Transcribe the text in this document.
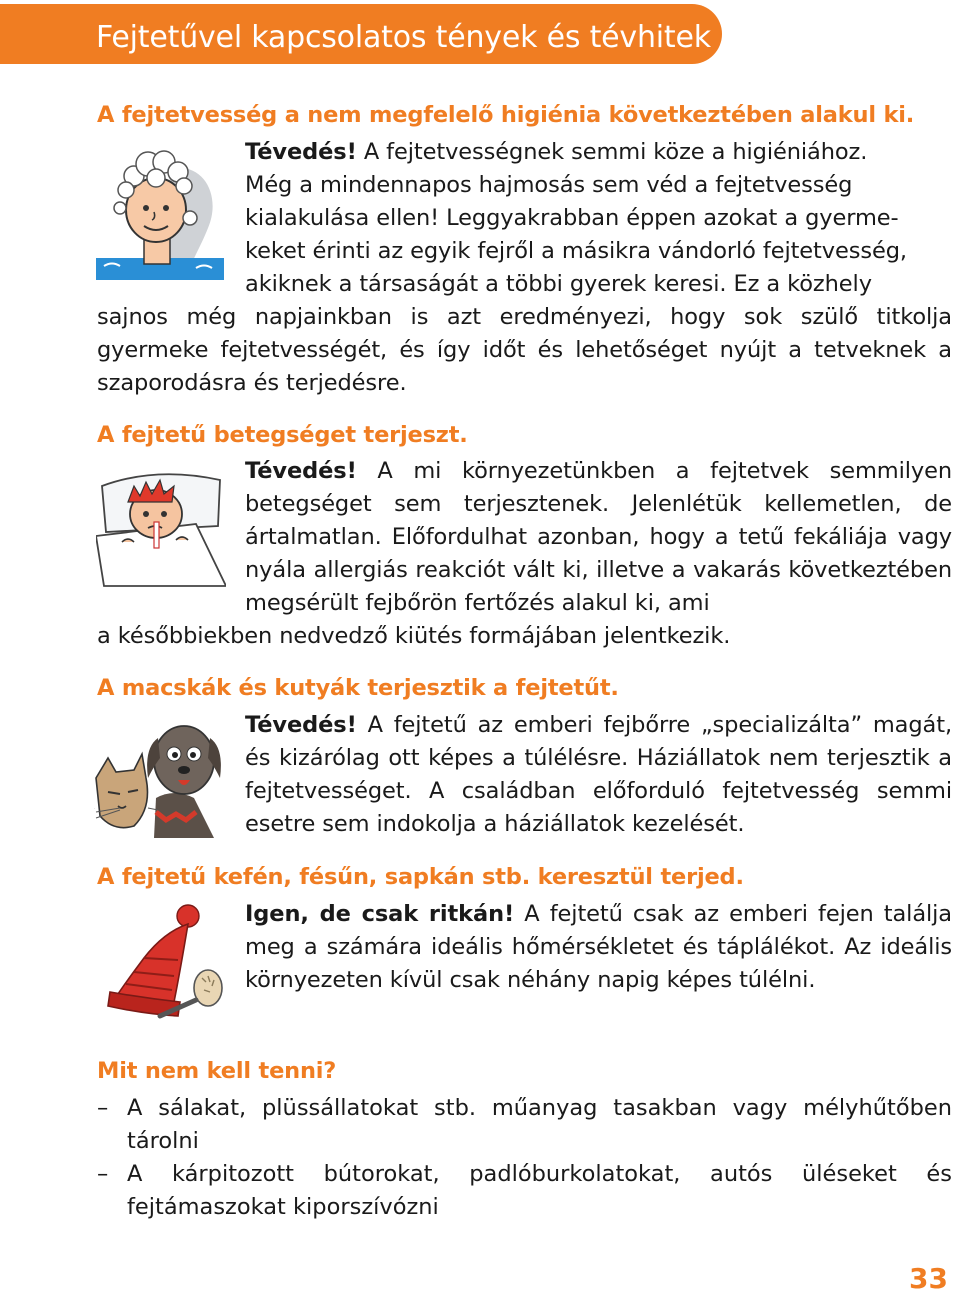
Fejtetűvel kapcsolatos tények és tévhitek
A fejtetvesség a nem megfelelő higiénia következtében alakul ki.

Tévedés! A fejtetvességnek semmi köze a higiéniához.

Még a mindennapos hajmosás sem véd a fejtetvesség

kialakulása ellen! Leggyakrabban éppen azokat a gyerme-

keket érinti az egyik fejről a másikra vándorló fejtetvesség,

akiknek a társaságát a többi gyerek keresi. Ez a közhely

sajnos még napjainkban is azt eredményezi, hogy sok szülő titkolja gyermeke fejtetvességét, és így időt és lehetőséget nyújt a tetveknek a szaporodásra és terjedésre.

A fejtetű betegséget terjeszt.

Tévedés! A mi környezetünkben a fejtetvek semmilyen betegséget sem terjesztenek. Jelenlétük kellemetlen, de ártalmatlan. Előfordulhat azonban, hogy a tetű fekáliája vagy nyála allergiás reakciót vált ki, illetve a vakarás következtében megsérült fejbőrön fertőzés alakul ki, ami

a későbbiekben nedvedző kiütés formájában jelentkezik.

A macskák és kutyák terjesztik a fejtetűt.

Tévedés! A fejtetű az emberi fejbőrre „specializálta” magát, és kizárólag ott képes a túlélésre. Háziállatok nem terjesztik a fejtetvességet. A családban előforduló fejtetvesség semmi esetre sem indokolja a háziállatok kezelését.

A fejtetű kefén, fésűn, sapkán stb. keresztül terjed.

Igen, de csak ritkán! A fejtetű csak az emberi fejen találja meg a számára ideális hőmérsékletet és táplálékot. Az ideális környezeten kívül csak néhány napig képes túlélni.

Mit nem kell tenni?
– A sálakat, plüssállatokat stb. műanyag tasakban vagy mélyhűtőben tárolni
– A kárpitozott bútorokat, padlóburkolatokat, autós üléseket és fejtámaszokat kiporszívózni
33
